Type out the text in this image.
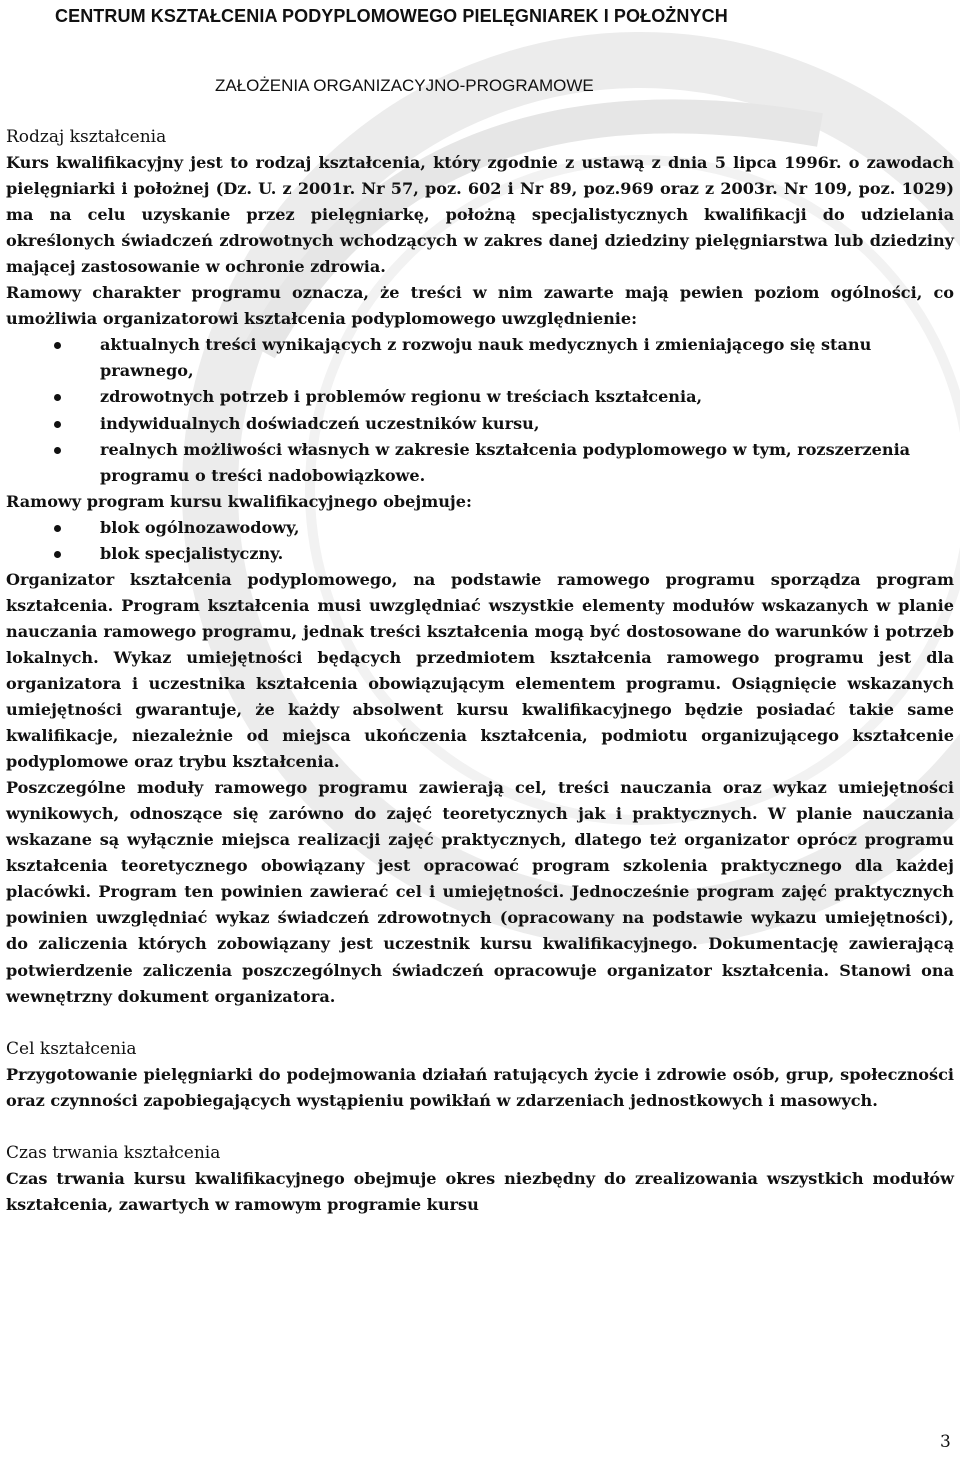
CENTRUM KSZTAŁCENIA PODYPLOMOWEGO PIELĘGNIAREK I POŁOŻNYCH
ZAŁOŻENIA ORGANIZACYJNO-PROGRAMOWE
Rodzaj kształcenia

Kurs kwalifikacyjny jest to rodzaj kształcenia, który zgodnie z ustawą z dnia 5 lipca 1996r. o zawodach pielęgniarki i położnej (Dz. U. z 2001r. Nr 57, poz. 602 i Nr 89, poz.969 oraz z 2003r. Nr 109, poz. 1029) ma na celu uzyskanie przez pielęgniarkę, położną specjalistycznych kwalifikacji do udzielania określonych świadczeń zdrowotnych wchodzących w zakres danej dziedziny pielęgniarstwa lub dziedziny mającej zastosowanie w ochronie zdrowia.

Ramowy charakter programu oznacza, że treści w nim zawarte mają pewien poziom ogólności, co umożliwia organizatorowi kształcenia podyplomowego uwzględnienie:

aktualnych treści wynikających z rozwoju nauk medycznych i zmieniającego się stanu prawnego,
zdrowotnych potrzeb i problemów regionu w treściach kształcenia,
indywidualnych doświadczeń uczestników kursu,
realnych możliwości własnych w zakresie kształcenia podyplomowego w tym, rozszerzenia programu o treści nadobowiązkowe.

Ramowy program kursu kwalifikacyjnego obejmuje:

blok ogólnozawodowy,
blok specjalistyczny.

Organizator kształcenia podyplomowego, na podstawie ramowego programu sporządza program kształcenia. Program kształcenia musi uwzględniać wszystkie elementy modułów wskazanych w planie nauczania ramowego programu, jednak treści kształcenia mogą być dostosowane do warunków i potrzeb lokalnych. Wykaz umiejętności będących przedmiotem kształcenia ramowego programu jest dla organizatora i uczestnika kształcenia obowiązującym elementem programu. Osiągnięcie wskazanych umiejętności gwarantuje, że każdy absolwent kursu kwalifikacyjnego będzie posiadać takie same kwalifikacje, niezależnie od miejsca ukończenia kształcenia, podmiotu organizującego kształcenie podyplomowe oraz trybu kształcenia.

Poszczególne moduły ramowego programu zawierają cel, treści nauczania oraz wykaz umiejętności wynikowych, odnoszące się zarówno do zajęć teoretycznych jak i praktycznych. W planie nauczania wskazane są wyłącznie miejsca realizacji zajęć praktycznych, dlatego też organizator oprócz programu kształcenia teoretycznego obowiązany jest opracować program szkolenia praktycznego dla każdej placówki. Program ten powinien zawierać cel i umiejętności. Jednocześnie program zajęć praktycznych powinien uwzględniać wykaz świadczeń zdrowotnych (opracowany na podstawie wykazu umiejętności), do zaliczenia których zobowiązany jest uczestnik kursu kwalifikacyjnego. Dokumentację zawierającą potwierdzenie zaliczenia poszczególnych świadczeń opracowuje organizator kształcenia. Stanowi ona wewnętrzny dokument organizatora.

Cel kształcenia

Przygotowanie pielęgniarki do podejmowania działań ratujących życie i zdrowie osób, grup, społeczności oraz czynności zapobiegających wystąpieniu powikłań w zdarzeniach jednostkowych i masowych.

Czas trwania kształcenia

Czas trwania kursu kwalifikacyjnego obejmuje okres niezbędny do zrealizowania wszystkich modułów kształcenia, zawartych w ramowym programie kursu

3
